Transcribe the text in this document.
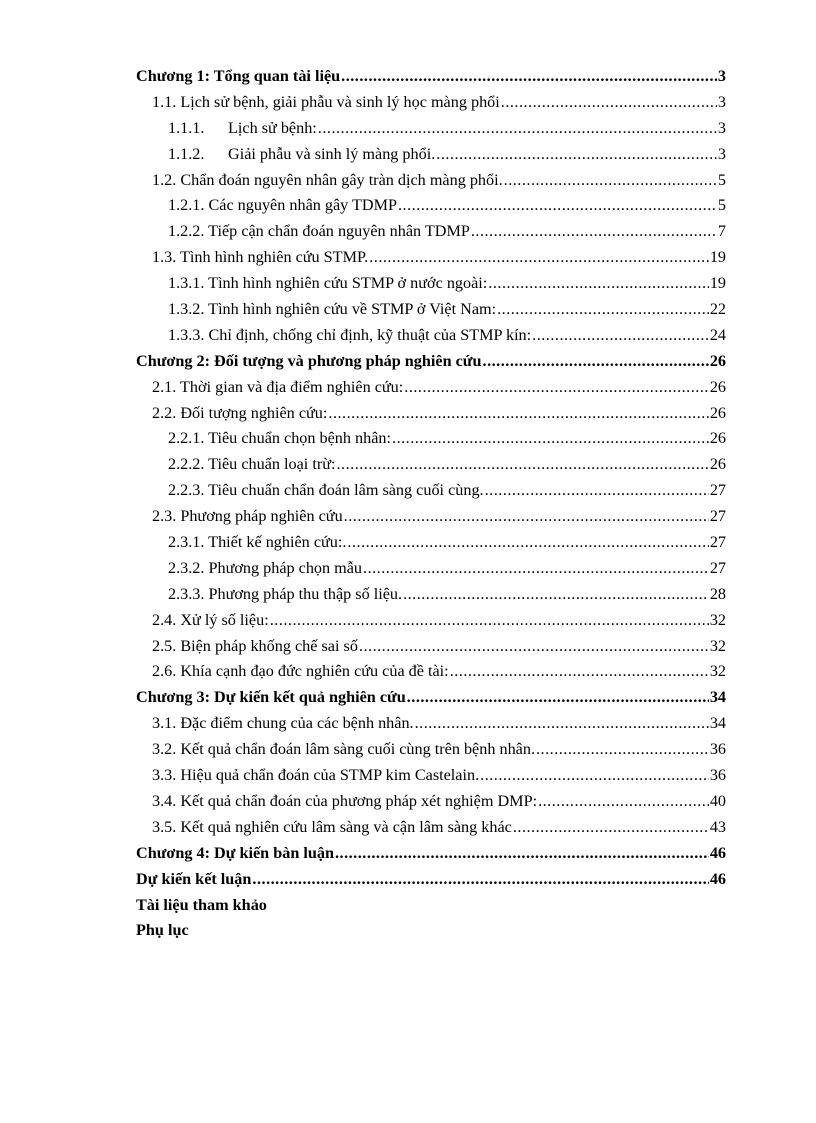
Chương 1: Tổng quan tài liệu .....	3
1.1. Lịch sử bệnh, giải phẫu và sinh lý học màng phổi .....	3
1.1.1. Lịch sử bệnh: .....	3
1.1.2. Giải phẫu và sinh lý màng phổi. .....	3
1.2. Chẩn đoán nguyên nhân gây tràn dịch màng phổi. .....	5
1.2.1. Các nguyên nhân gây TDMP .....	5
1.2.2. Tiếp cận chẩn đoán nguyên nhân TDMP .....	7
1.3. Tình hình nghiên cứu STMP. .....	19
1.3.1. Tình hình nghiên cứu STMP ở nước ngoài: .....	19
1.3.2. Tình hình nghiên cứu về STMP ở Việt Nam: .....	22
1.3.3. Chỉ định, chống chỉ định, kỹ thuật của STMP kín: .....	24
Chương 2: Đối tượng và phương pháp nghiên cứu .....	26
2.1. Thời gian và địa điểm nghiên cứu: .....	26
2.2. Đối tượng nghiên cứu: .....	26
2.2.1. Tiêu chuẩn chọn bệnh nhân: .....	26
2.2.2. Tiêu chuẩn loại trừ: .....	26
2.2.3. Tiêu chuẩn chẩn đoán lâm sàng cuối cùng. .....	27
2.3. Phương pháp nghiên cứu .....	27
2.3.1. Thiết kế nghiên cứu:. .....	27
2.3.2. Phương pháp chọn mẫu .....	27
2.3.3. Phương pháp thu thập số liệu. .....	28
2.4. Xử lý số liệu: .....	32
2.5. Biện pháp khống chế sai số .....	32
2.6. Khía cạnh đạo đức nghiên cứu của đề tài: .....	32
Chương 3: Dự kiến kết quả nghiên cứu .....	34
3.1. Đặc điểm chung của các bệnh nhân. .....	34
3.2. Kết quả chẩn đoán lâm sàng cuối cùng trên bệnh nhân. .....	36
3.3. Hiệu quả chẩn đoán của STMP kim Castelain. .....	36
3.4. Kết quả chẩn đoán của phương pháp xét nghiệm DMP: .....	40
3.5. Kết quả nghiên cứu lâm sàng và cận lâm sàng khác .....	43
Chương 4: Dự kiến bàn luận .....	46
Dự kiến kết luận .....	46
Tài liệu tham khảo
Phụ lục
